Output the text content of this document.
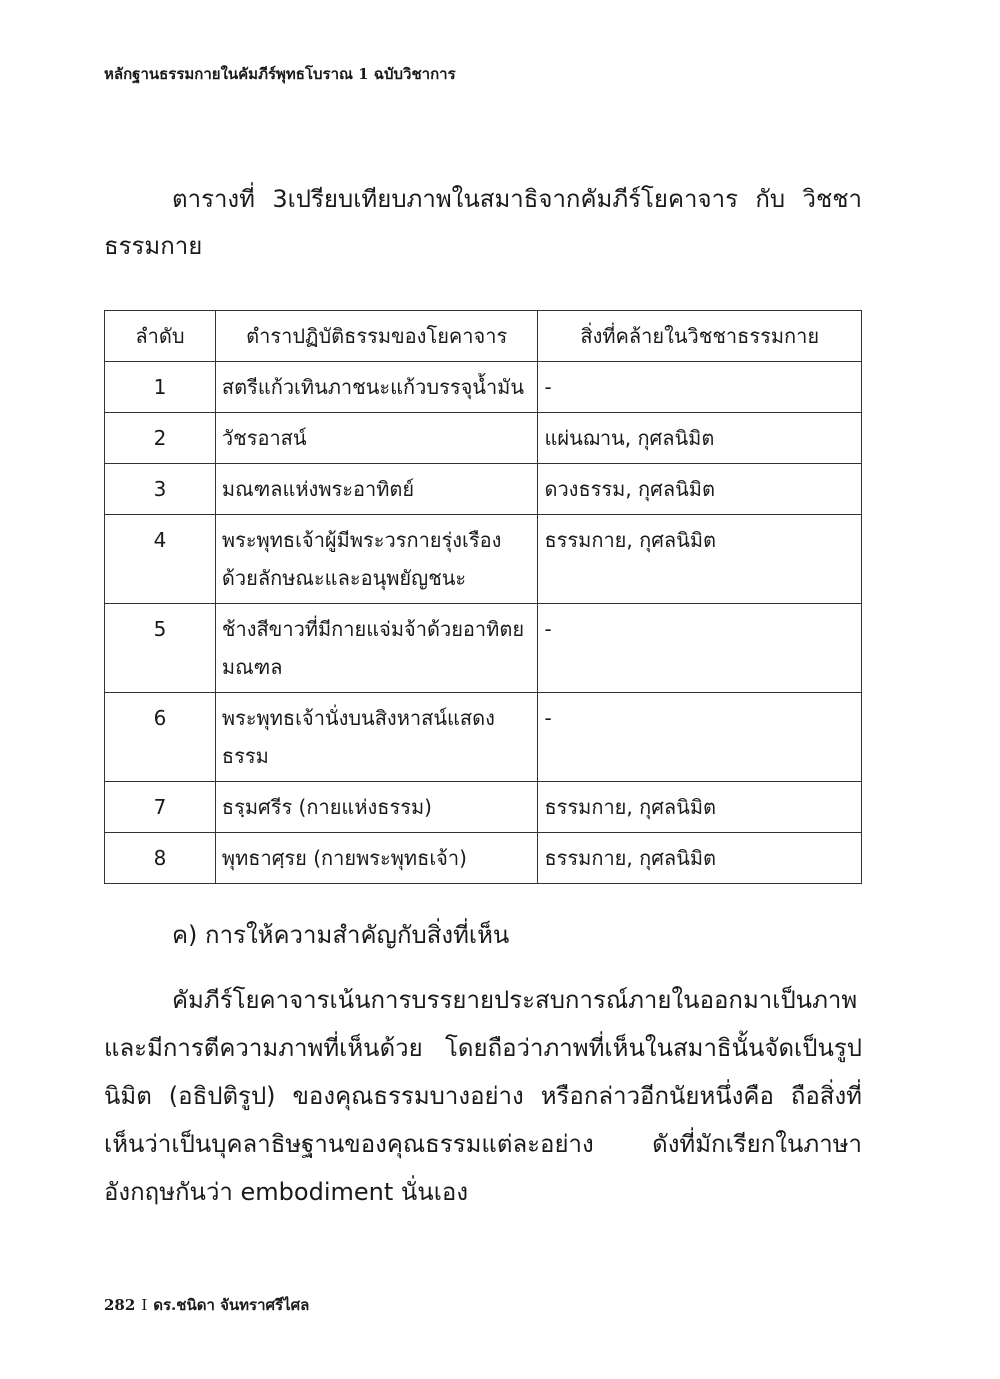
หลักฐานธรรมกายในคัมภีร์พุทธโบราณ 1 ฉบับวิชาการ
ตารางที่ 3เปรียบเทียบภาพในสมาธิจากคัมภีร์โยคาจาร กับ วิชชาธรรมกาย
ลำดับ	ตำราปฏิบัติธรรมของโยคาจาร	สิ่งที่คล้ายในวิชชาธรรมกาย
1	สตรีแก้วเทินภาชนะแก้วบรรจุน้ำมัน	-
2	วัชรอาสน์	แผ่นฌาน, กุศลนิมิต
3	มณฑลแห่งพระอาทิตย์	ดวงธรรม, กุศลนิมิต
4	พระพุทธเจ้าผู้มีพระวรกายรุ่งเรืองด้วยลักษณะและอนุพยัญชนะ	ธรรมกาย, กุศลนิมิต
5	ช้างสีขาวที่มีกายแจ่มจ้าด้วยอาทิตยมณฑล	-
6	พระพุทธเจ้านั่งบนสิงหาสน์แสดงธรรม	-
7	ธรฺมศรีร (กายแห่งธรรม)	ธรรมกาย, กุศลนิมิต
8	พุทธาศฺรย (กายพระพุทธเจ้า)	ธรรมกาย, กุศลนิมิต
ค) การให้ความสำคัญกับสิ่งที่เห็น
คัมภีร์โยคาจารเน้นการบรรยายประสบการณ์ภายในออกมาเป็นภาพและมีการตีความภาพที่เห็นด้วย โดยถือว่าภาพที่เห็นในสมาธินั้นจัดเป็นรูปนิมิต (อธิปติรูป) ของคุณธรรมบางอย่าง หรือกล่าวอีกนัยหนึ่งคือ ถือสิ่งที่เห็นว่าเป็นบุคลาธิษฐานของคุณธรรมแต่ละอย่าง ดังที่มักเรียกในภาษาอังกฤษกันว่า embodiment นั่นเอง
282 I ดร.ชนิดา จันทราศรีไศล
